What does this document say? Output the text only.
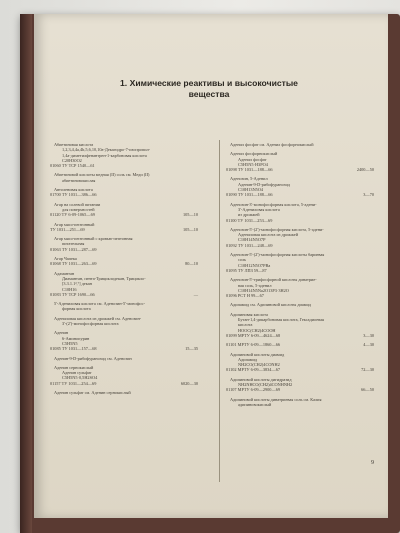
1. Химические реактивы и высокочистые
вещества
Абиетиновая кислота
1,2,3,4,4а,4b,5,6,10,10а-Декагидро-7-изопропил-
1,4а-диметилфенантрен-1-карбоновая кислота
С20Н30О2
01060 ТУ ТСР 1540—61
Абиетиновой кислоты медная (II) соль см. Меди (II)
абиетиновокислая
Автоленовая кислота
01700 ТУ 1031—386—66
Агар на солевой питании
для поверхностей
01120 ТУ 6-09-1065—69	105—10
Агар мясо-пептонный
ТУ 1031—251—69	105—10
Агар мясо-пептонный с кровью-пептонная
питательная
01063 ТУ 1031—287—69
Агар Чапека
01068 ТУ 1031—263—69	80—10
Адамантан
Диамантан, пента-Трициклодекан, Трицикло-
[3.3.1.1³,⁷] декан
С10Н16
01083 ТУ ТСР 1690—66	—
5'-Адениловая кислота см. Аденозин-5'-монофос-
форная кислота
Адениловая кислота из дрожжей см. Аденозин-
3'-(2')-монофосфорная кислота
Аденин
6-Аминопурин
С5Н5N5
01085 ТУ 1031—157—68	15—35
Аденин-9-D-рибофуранозид см. Аденозин
Аденин сернокислый
Аденин сульфат
С5Н5N5·0,5Н2SO4
01157 ТУ 1031—254—69	6020—30
Аденин сульфат см. Аденин сернокислый
Аденил фосфат см. Аденил фосфорнокислый
Аденил фосфорнокислый
Аденил фосфат
С5Н5N5·Н3РО4
01098 ТУ 1031—188—66	2400—50
Аденозин, 5-Аденил
Аденин-9-D-рибофуранозид
С10Н13N5О4
01090 ТУ 1031—188—66	3—70
Аденозин-3'-монофосфорная кислота, 5-адени-
3'-Адениловая кислота
из дрожжей
01100 ТУ 1031—253—69
Аденозин-5'-(2')-монофосфорная кислота, 5-адени-
Адениловая кислота из дрожжей
С10Н14N5О7Р
01092 ТУ 1031—248—69
Аденозин-5'-(2')-монофосфорная кислоты бариевая
соль
С10Н12N5О7РВа
01095 ТУ ЛПЗ 59—87
Аденозин-5'-трифосфорной кислоты динатрие-
вая соль, 5-аденил
С10Н14N5Na2О13Р3·3Н2О
01096 РСТ Н 99—67
Адипамид см. Адипиновой кислоты диамид
Адипиновая кислота
Бутан-1,4-дикарбоновая кислота, Гексадиоевая
кислота
НООС(СН2)4СООН
01099 МРТУ 6-09—4624—68	3—30
01101 МРТУ 6-09—1860—66	4—30
Адипиновой кислоты диамид
Адипамид
NН2СО(СН2)4СОNH2
01102 МРТУ 6-09—3834—67	72—30
Адипиновой кислоты дигидразид
NН2NНСО(СН2)4СОNНNН2
01107 МРТУ 6-09—2900—69	66—50
Адипиновой кислоты динатриевая соль см. Калия
адипиновокислый
9
